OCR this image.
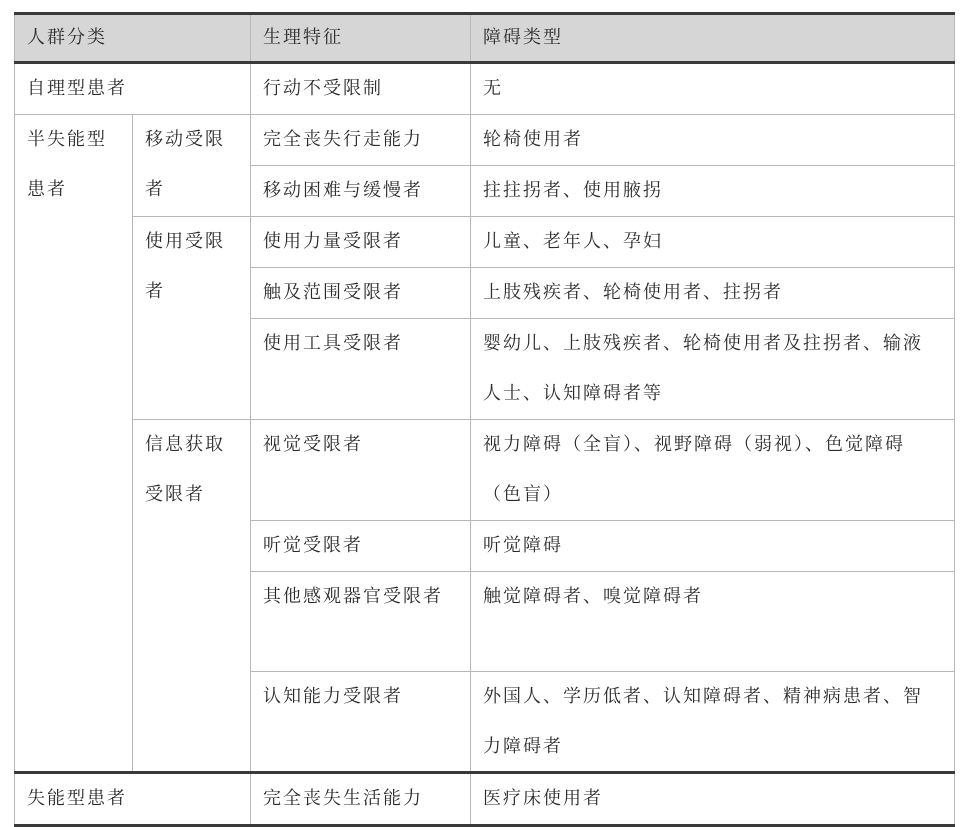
人群分类		生理特征	障碍类型
自理型患者		行动不受限制	无

半失能型患者	移动受限者	完全丧失行走能力	轮椅使用者
		移动困难与缓慢者	拄拄拐者、使用腋拐

	使用受限者	使用力量受限者	儿童、老年人、孕妇
		触及范围受限者	上肢残疾者、轮椅使用者、拄拐者
		使用工具受限者	婴幼儿、上肢残疾者、轮椅使用者及拄拐者、输液人士、认知障碍者等

	信息获取受限者	视觉受限者	视力障碍（全盲）、视野障碍（弱视）、色觉障碍（色盲）

		听觉受限者	听觉障碍

		其他感观器官受限者	触觉障碍者、嗅觉障碍者
		认知能力受限者	外国人、学历低者、认知障碍者、精神病患者、智力障碍者

失能型患者		完全丧失生活能力	医疗床使用者
